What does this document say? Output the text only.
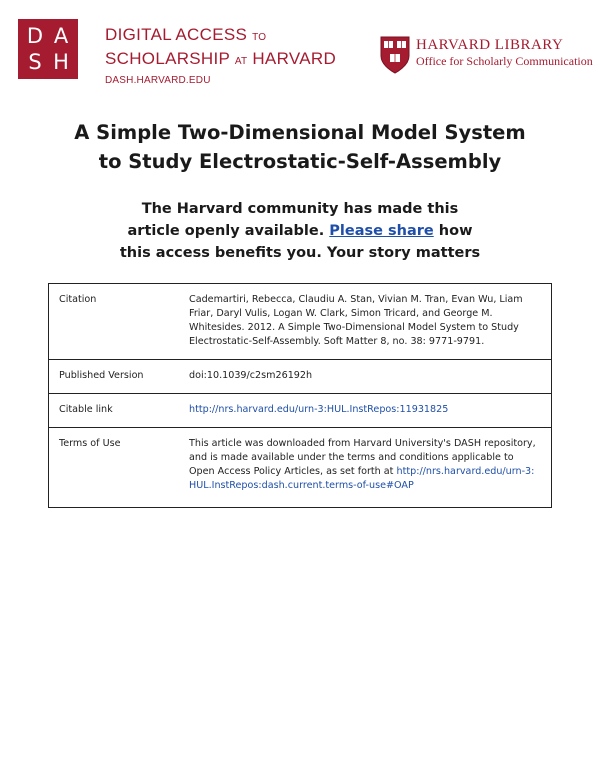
D A
S H
DIGITAL ACCESS TO
SCHOLARSHIP AT HARVARD
DASH.HARVARD.EDU
HARVARD LIBRARY
Office for Scholarly Communication
A Simple Two-Dimensional Model System
to Study Electrostatic-Self-Assembly
The Harvard community has made this
article openly available. Please share how
this access benefits you. Your story matters
Citation	Cademartiri, Rebecca, Claudiu A. Stan, Vivian M. Tran, Evan Wu, Liam Friar, Daryl Vulis, Logan W. Clark, Simon Tricard, and George M. Whitesides. 2012. A Simple Two-Dimensional Model System to Study Electrostatic-Self-Assembly. Soft Matter 8, no. 38: 9771-9791.
Published Version	doi:10.1039/c2sm26192h
Citable link	http://nrs.harvard.edu/urn-3:HUL.InstRepos:11931825
Terms of Use	This article was downloaded from Harvard University's DASH repository, and is made available under the terms and conditions applicable to Open Access Policy Articles, as set forth at http://nrs.harvard.edu/urn-3:HUL.InstRepos:dash.current.terms-of-use#OAP
